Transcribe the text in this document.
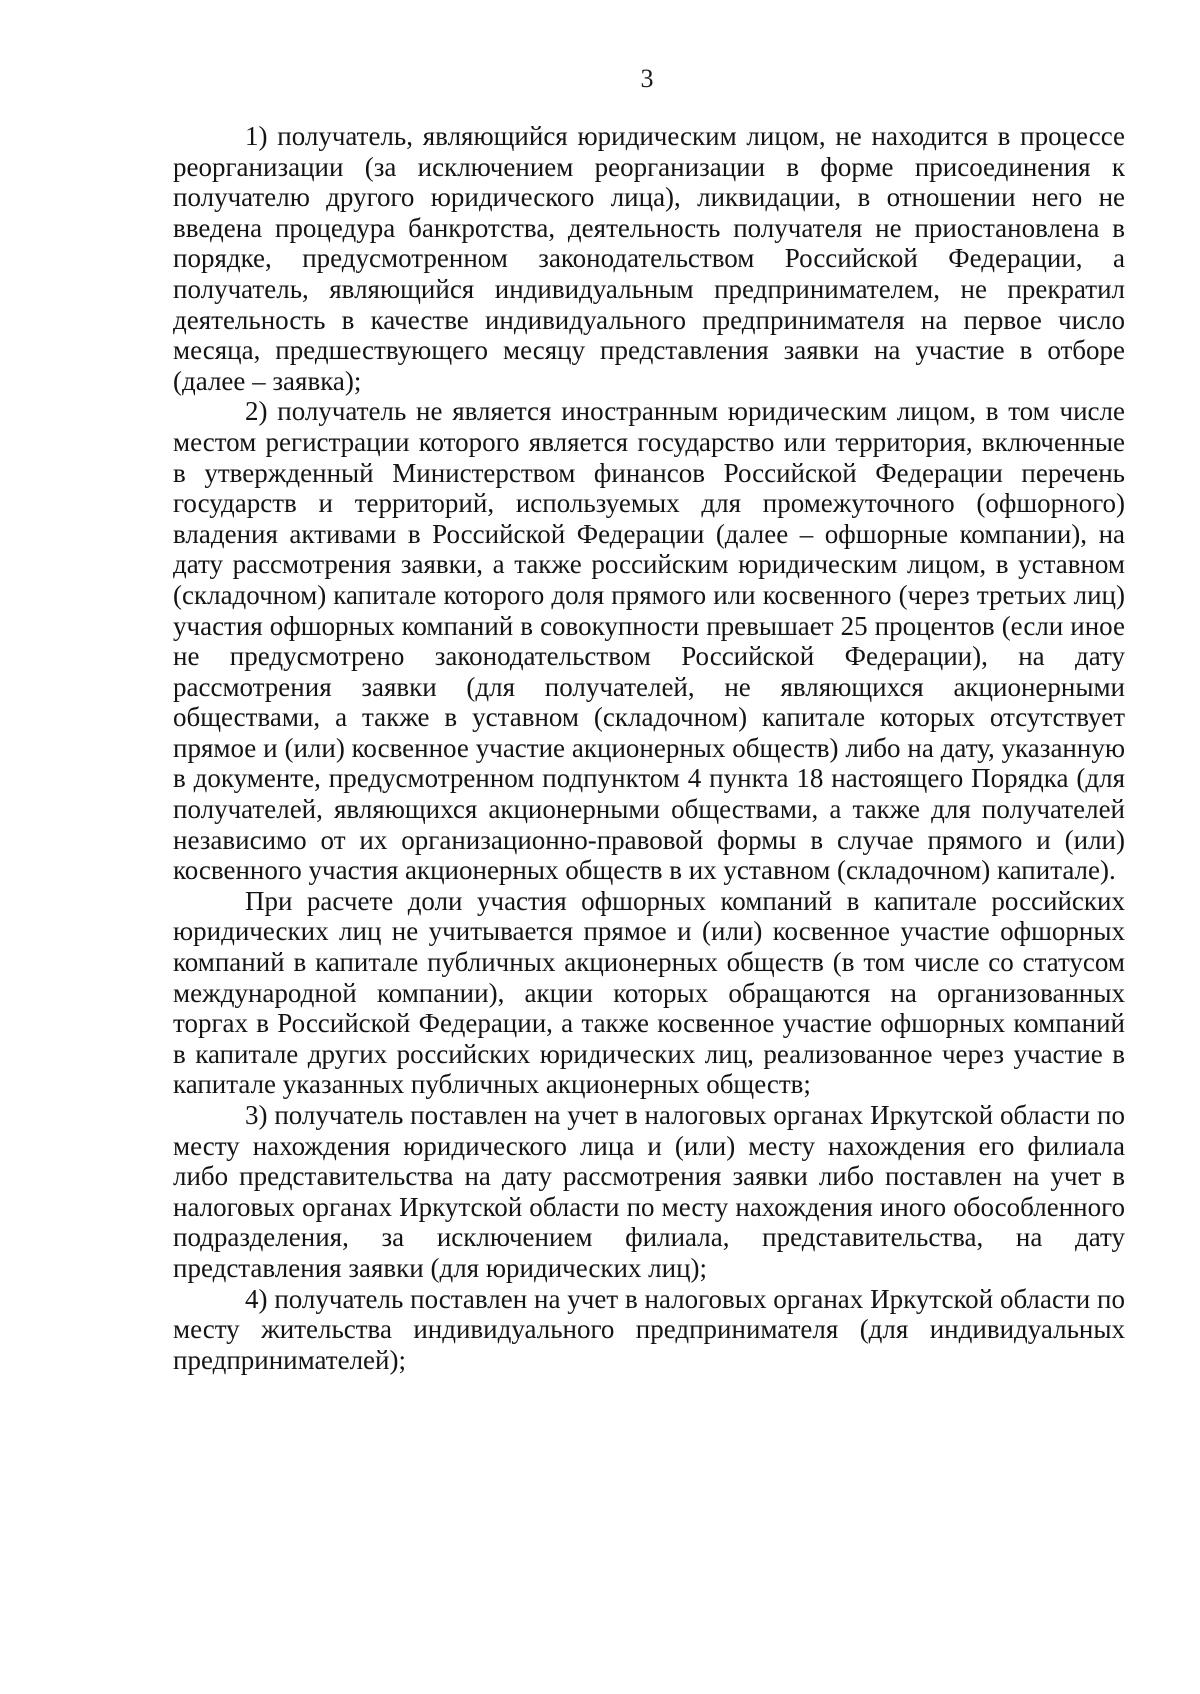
3

1) получатель, являющийся юридическим лицом, не находится в процессе реорганизации (за исключением реорганизации в форме присоединения к получателю другого юридического лица), ликвидации, в отношении него не введена процедура банкротства, деятельность получателя не приостановлена в порядке, предусмотренном законодательством Российской Федерации, а получатель, являющийся индивидуальным предпринимателем, не прекратил деятельность в качестве индивидуального предпринимателя на первое число месяца, предшествующего месяцу представления заявки на участие в отборе (далее – заявка);

2) получатель не является иностранным юридическим лицом, в том числе местом регистрации которого является государство или территория, включенные в утвержденный Министерством финансов Российской Федерации перечень государств и территорий, используемых для промежуточного (офшорного) владения активами в Российской Федерации (далее – офшорные компании), на дату рассмотрения заявки, а также российским юридическим лицом, в уставном (складочном) капитале которого доля прямого или косвенного (через третьих лиц) участия офшорных компаний в совокупности превышает 25 процентов (если иное не предусмотрено законодательством Российской Федерации), на дату рассмотрения заявки (для получателей, не являющихся акционерными обществами, а также в уставном (складочном) капитале которых отсутствует прямое и (или) косвенное участие акционерных обществ) либо на дату, указанную в документе, предусмотренном подпунктом 4 пункта 18 настоящего Порядка (для получателей, являющихся акционерными обществами, а также для получателей независимо от их организационно-правовой формы в случае прямого и (или) косвенного участия акционерных обществ в их уставном (складочном) капитале).

При расчете доли участия офшорных компаний в капитале российских юридических лиц не учитывается прямое и (или) косвенное участие офшорных компаний в капитале публичных акционерных обществ (в том числе со статусом международной компании), акции которых обращаются на организованных торгах в Российской Федерации, а также косвенное участие офшорных компаний в капитале других российских юридических лиц, реализованное через участие в капитале указанных публичных акционерных обществ;

3) получатель поставлен на учет в налоговых органах Иркутской области по месту нахождения юридического лица и (или) месту нахождения его филиала либо представительства на дату рассмотрения заявки либо поставлен на учет в налоговых органах Иркутской области по месту нахождения иного обособленного подразделения, за исключением филиала, представительства, на дату представления заявки (для юридических лиц);

4) получатель поставлен на учет в налоговых органах Иркутской области по месту жительства индивидуального предпринимателя (для индивидуальных предпринимателей);
